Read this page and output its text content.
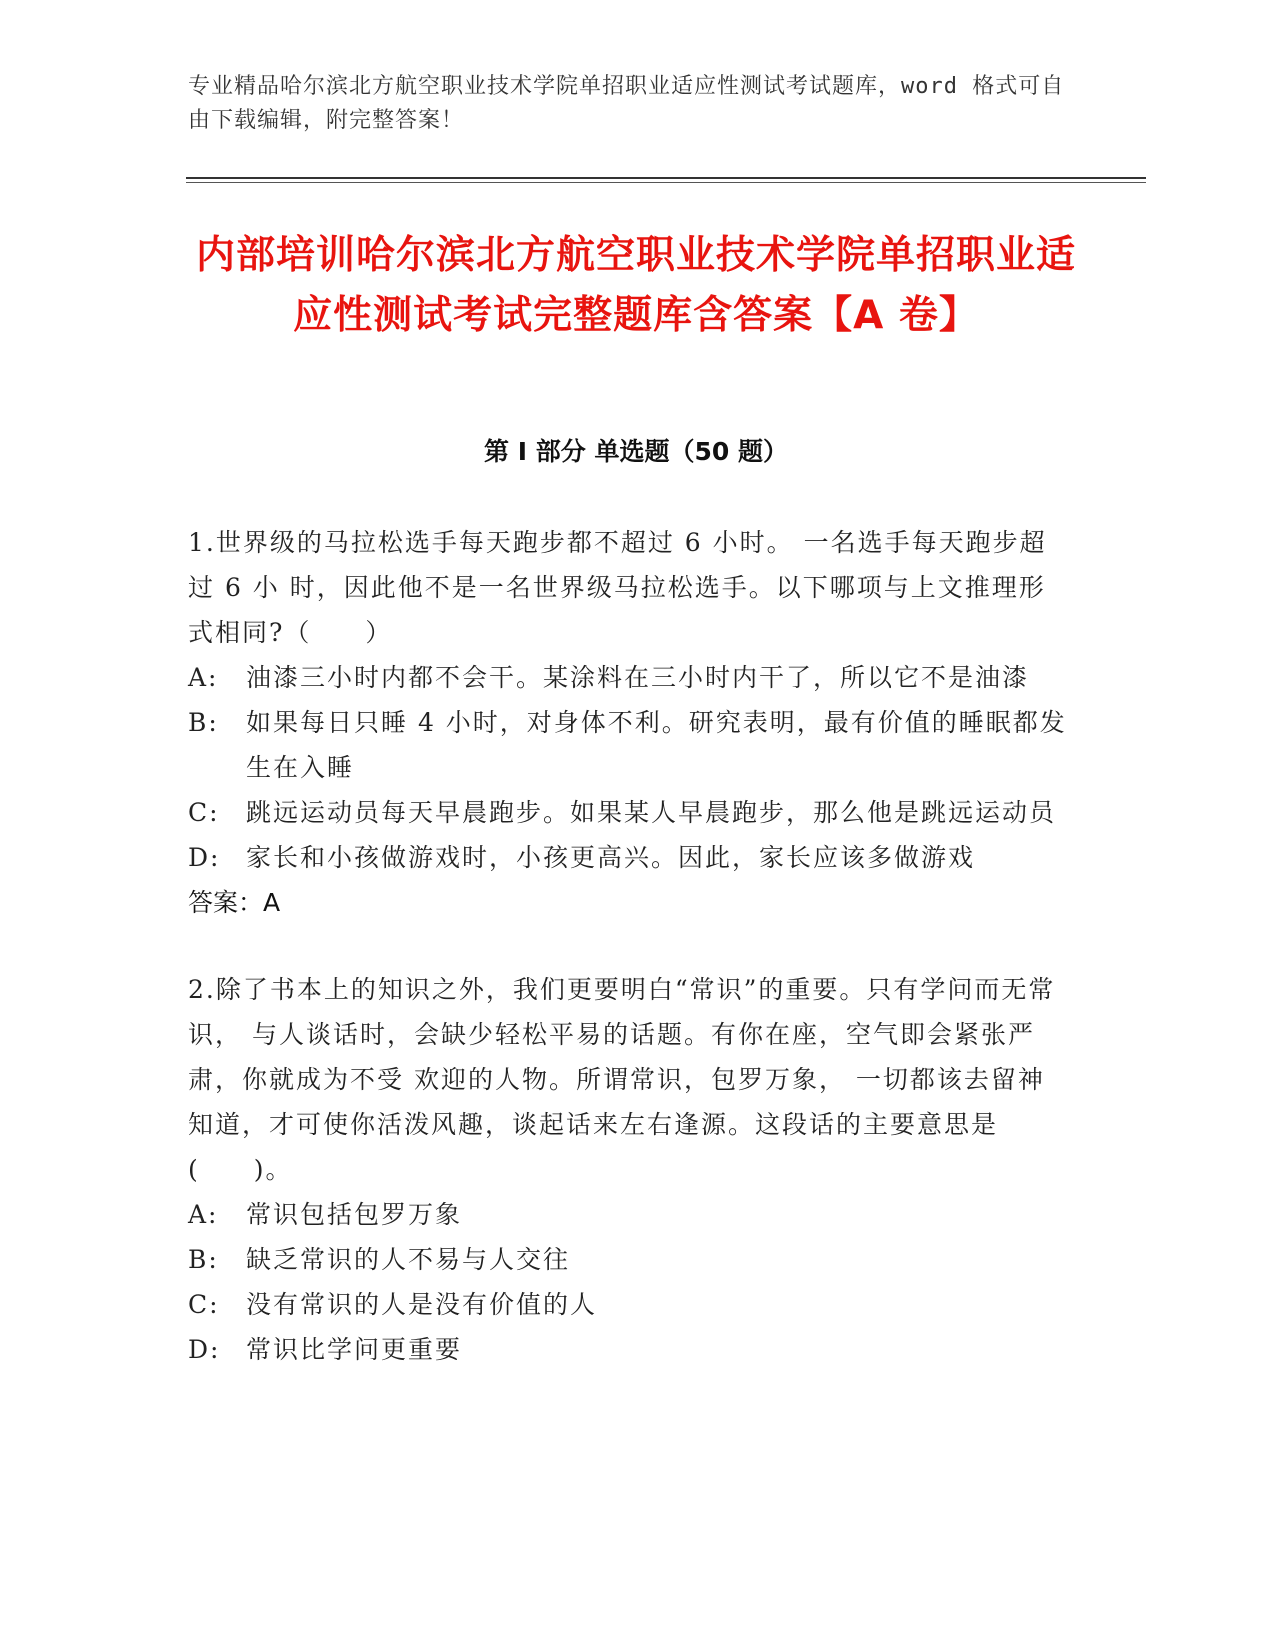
专业精品哈尔滨北方航空职业技术学院单招职业适应性测试考试题库，word 格式可自由下载编辑，附完整答案！
内部培训哈尔滨北方航空职业技术学院单招职业适应性测试考试完整题库含答案【A 卷】
第 I 部分 单选题（50 题）

1.世界级的马拉松选手每天跑步都不超过 6 小时。 一名选手每天跑步超过 6 小 时，因此他不是一名世界级马拉松选手。以下哪项与上文推理形式相同?（　　）

A:	油漆三小时内都不会干。某涂料在三小时内干了，所以它不是油漆
B:	如果每日只睡 4 小时，对身体不利。研究表明，最有价值的睡眠都发生在入睡
C:	跳远运动员每天早晨跑步。如果某人早晨跑步，那么他是跳远运动员
D:	家长和小孩做游戏时，小孩更高兴。因此，家长应该多做游戏

答案：A

2.除了书本上的知识之外，我们更要明白“常识”的重要。只有学问而无常识， 与人谈话时，会缺少轻松平易的话题。有你在座，空气即会紧张严肃，你就成为不受 欢迎的人物。所谓常识，包罗万象， 一切都该去留神知道，才可使你活泼风趣，谈起话来左右逢源。这段话的主要意思是(　　)。

A:	常识包括包罗万象
B:	缺乏常识的人不易与人交往
C:	没有常识的人是没有价值的人
D:	常识比学问更重要
